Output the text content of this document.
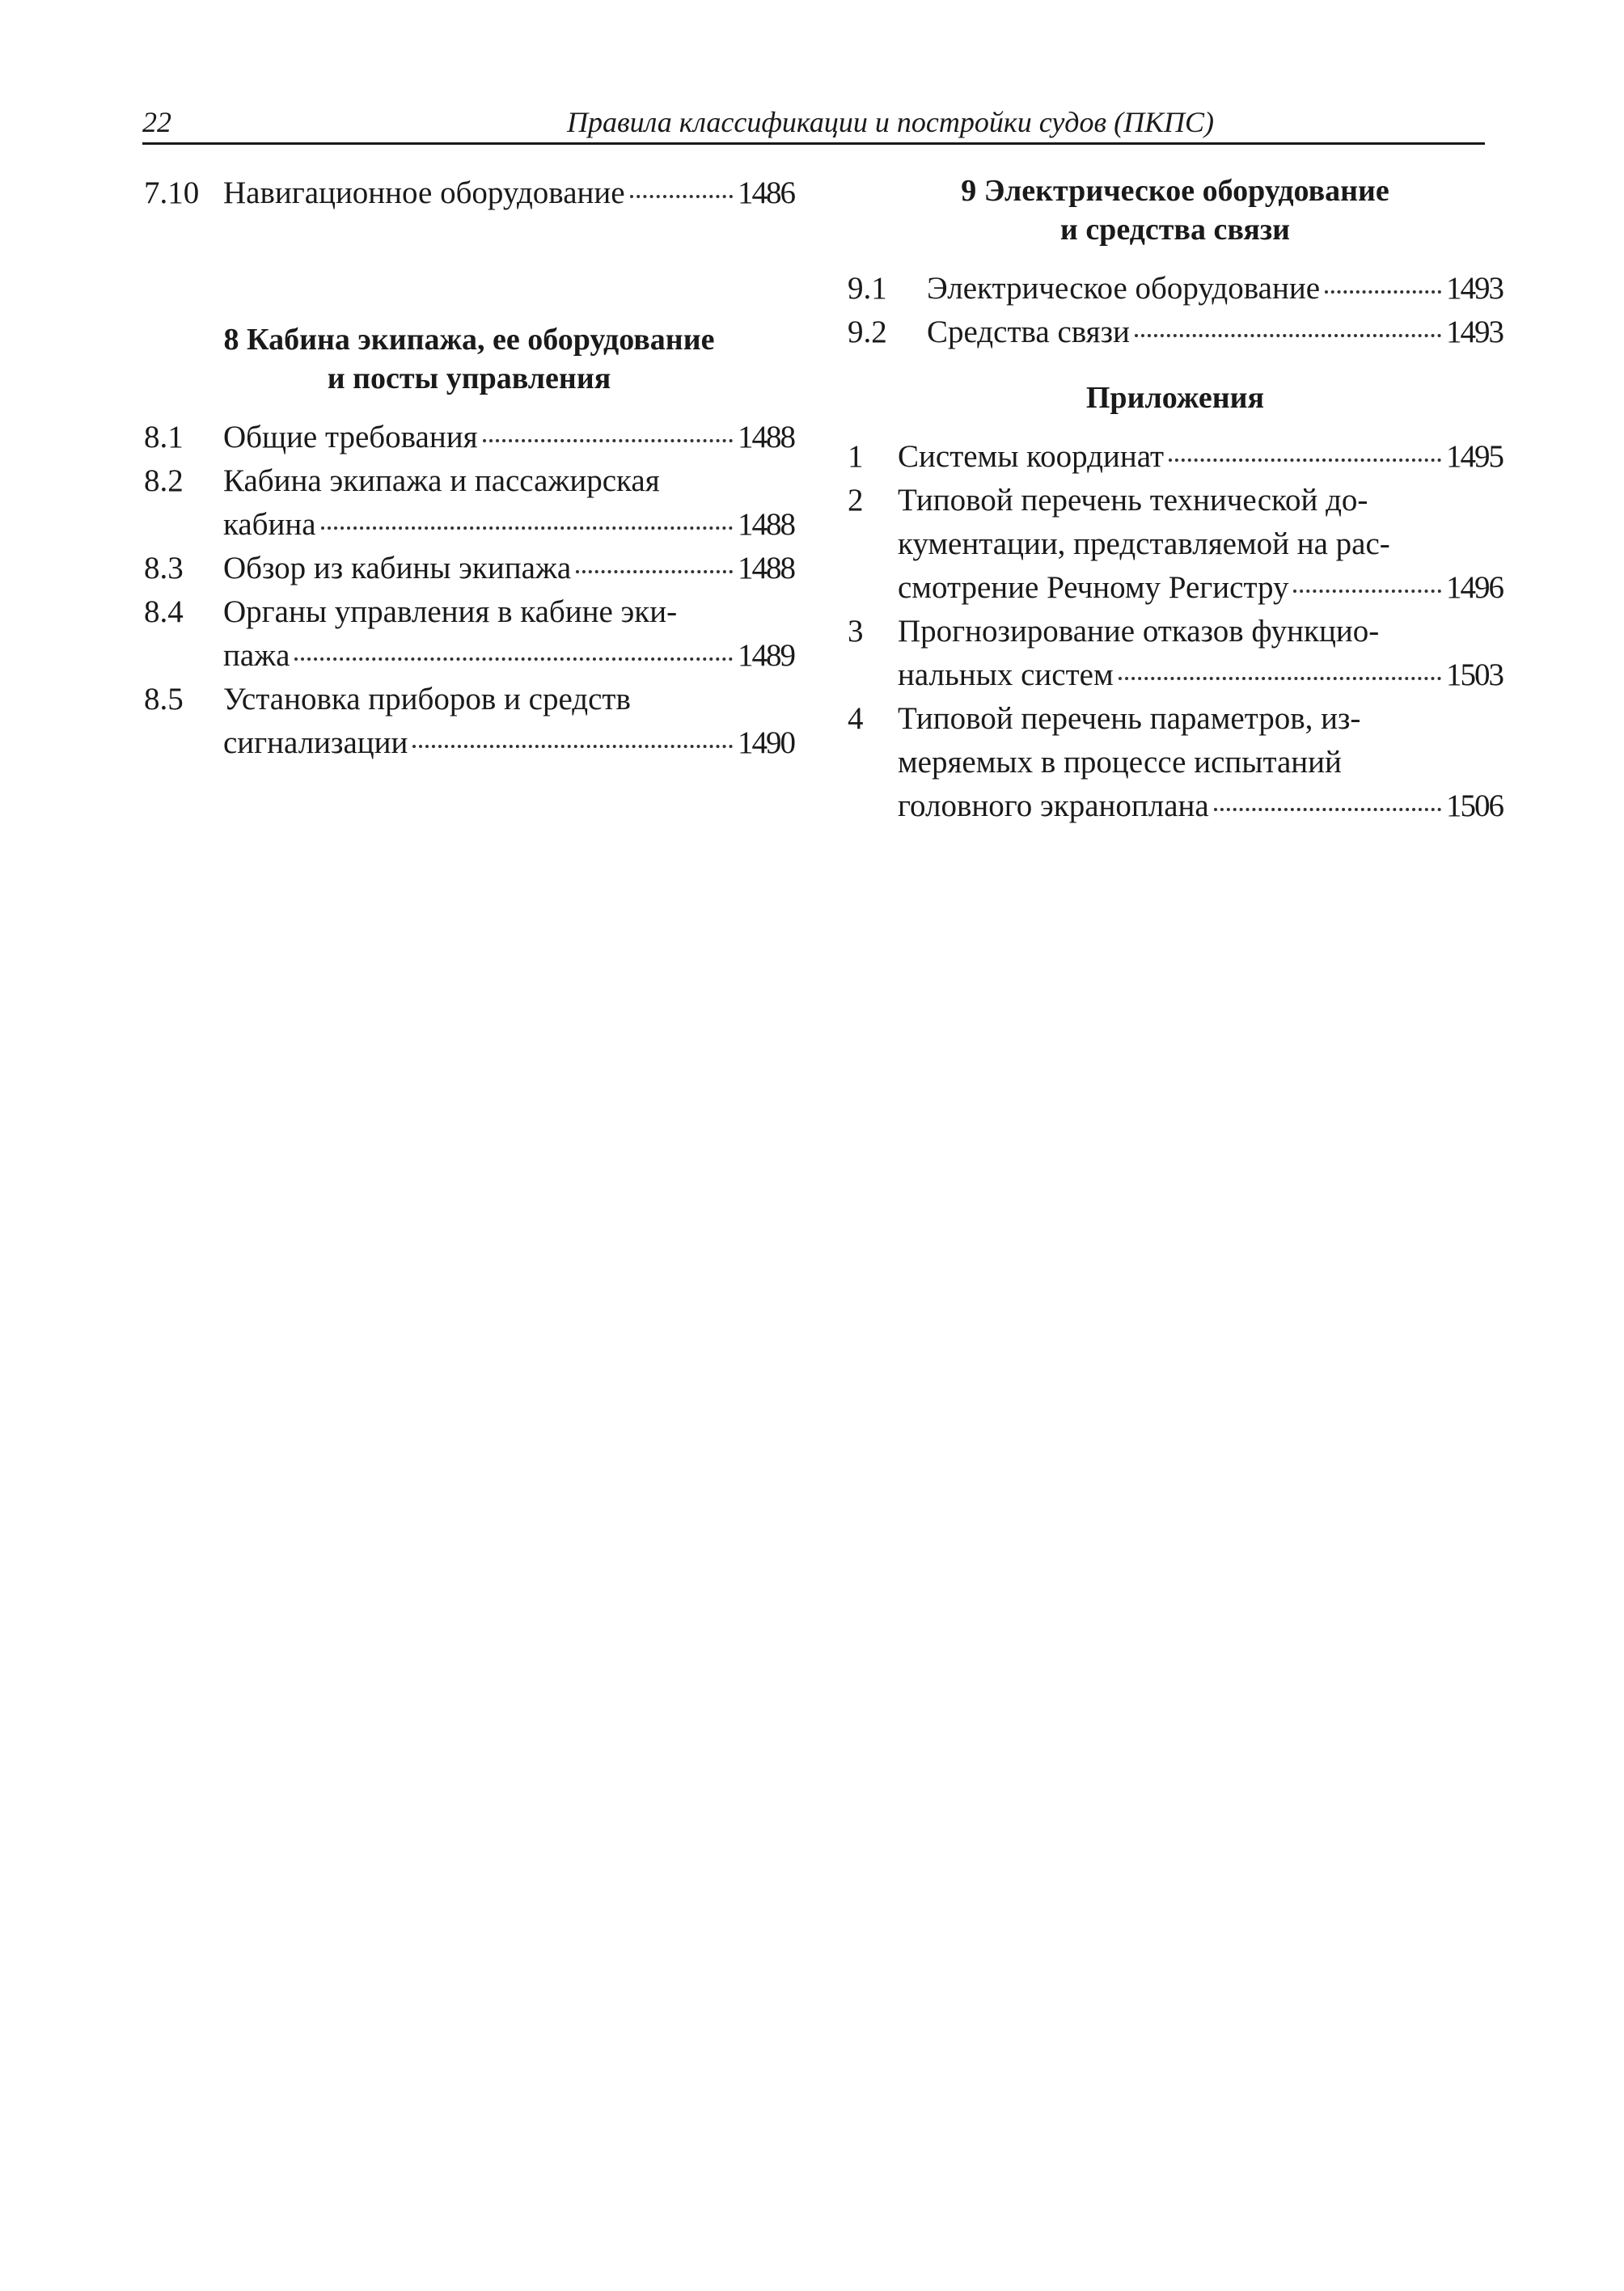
22	Правила классификации и постройки судов (ПКПС)
7.10 Навигационное оборудование	1486
8 Кабина экипажа, ее оборудование
и посты управления
8.1 Общие требования	1488
8.2 Кабина экипажа и пассажирская
кабина	1488
8.3 Обзор из кабины экипажа	1488
8.4 Органы управления в кабине эки-
пажа	1489
8.5 Установка приборов и средств
сигнализации	1490
9 Электрическое оборудование
и средства связи
9.1 Электрическое оборудование	1493
9.2 Средства связи	1493
Приложения
1 Системы координат	1495
2 Типовой перечень технической до-
кументации, представляемой на рас-
смотрение Речному Регистру	1496
3 Прогнозирование отказов функцио-
нальных систем	1503
4 Типовой перечень параметров, из-
меряемых в процессе испытаний
головного экраноплана	1506
